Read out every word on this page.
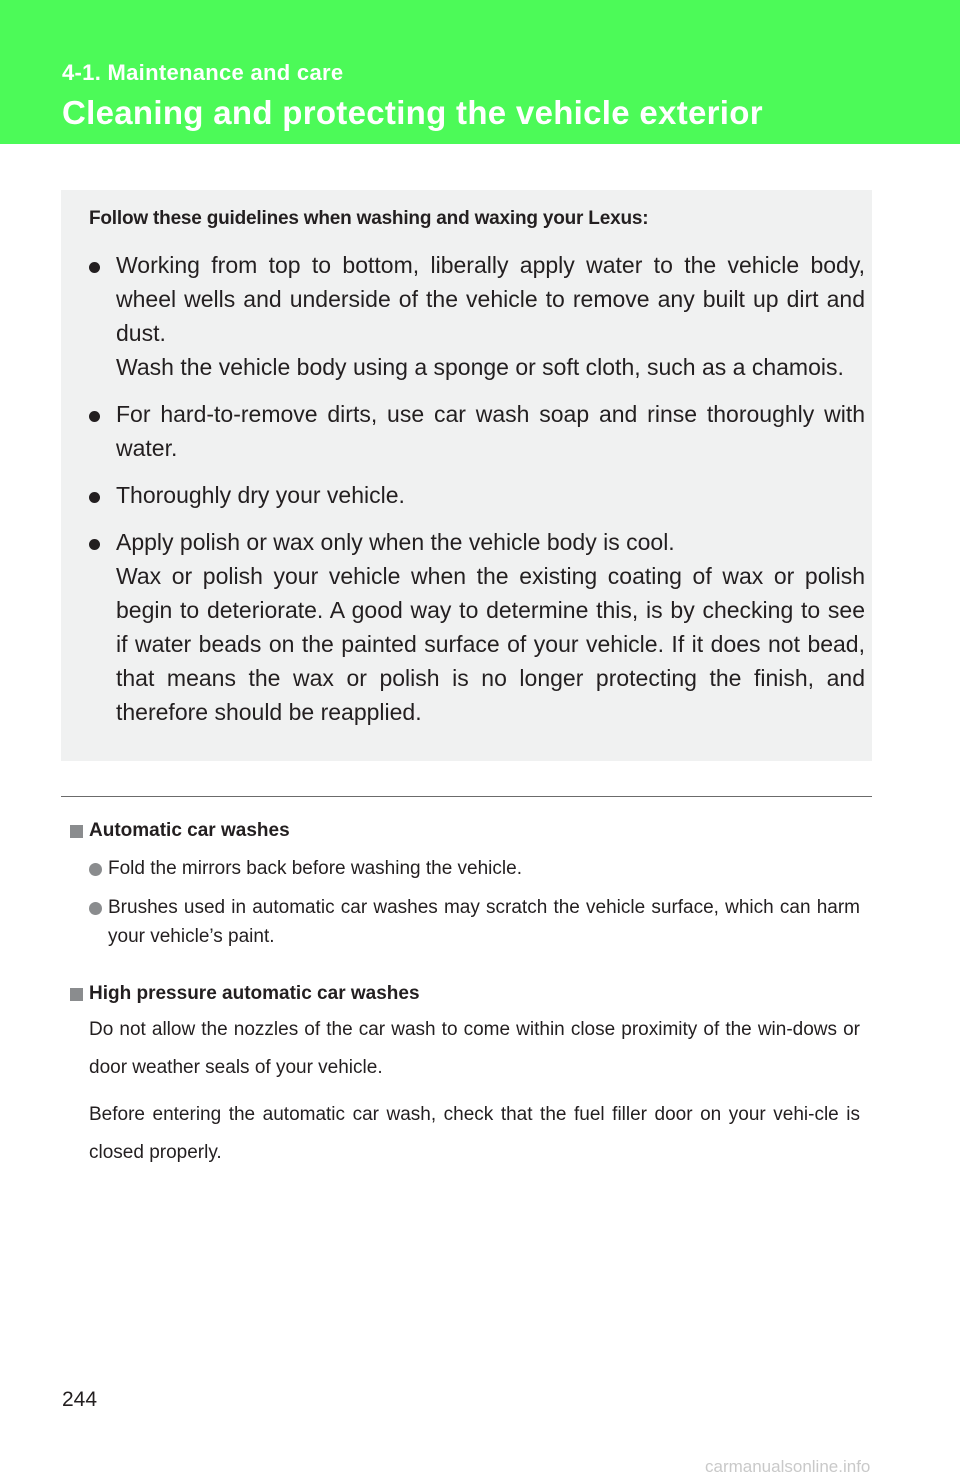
4-1. Maintenance and care
Cleaning and protecting the vehicle exterior
Follow these guidelines when washing and waxing your Lexus:

Working from top to bottom, liberally apply water to the vehicle body, wheel wells and underside of the vehicle to remove any built up dirt and dust.

Wash the vehicle body using a sponge or soft cloth, such as a chamois.

For hard-to-remove dirts, use car wash soap and rinse thoroughly with water.

Thoroughly dry your vehicle.

Apply polish or wax only when the vehicle body is cool.

Wax or polish your vehicle when the existing coating of wax or polish begin to deteriorate. A good way to determine this, is by checking to see if water beads on the painted surface of your vehicle. If it does not bead, that means the wax or polish is no longer protecting the finish, and therefore should be reapplied.

Automatic car washes
Fold the mirrors back before washing the vehicle.
Brushes used in automatic car washes may scratch the vehicle surface, which can harm your vehicle’s paint.
High pressure automatic car washes

Do not allow the nozzles of the car wash to come within close proximity of the win-dows or door weather seals of your vehicle.

Before entering the automatic car wash, check that the fuel filler door on your vehi-cle is closed properly.

244
carmanualsonline.info
